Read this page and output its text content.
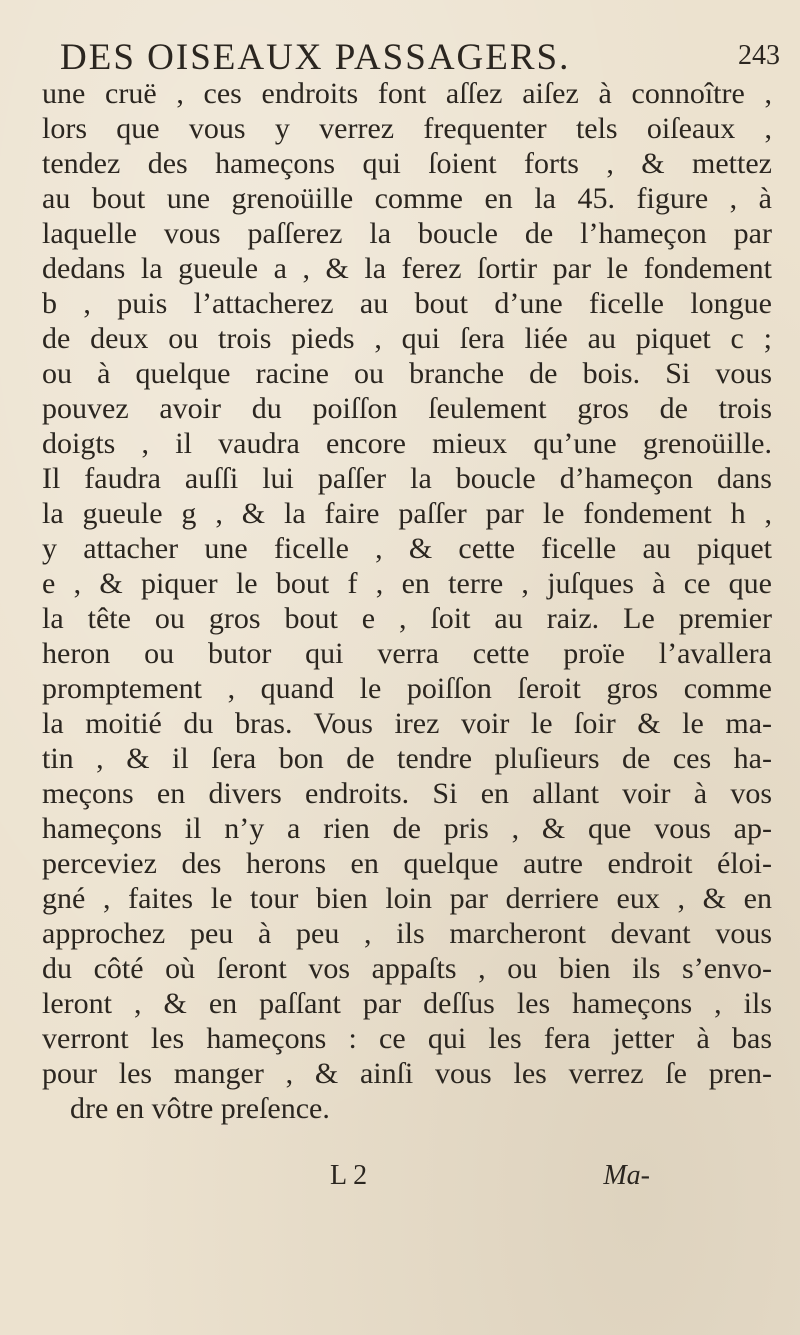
DES OISEAUX PASSAGERS.	243
une cruë , ces endroits font aſſez aiſez à connoître ,
lors que vous y verrez frequenter tels oiſeaux ,
tendez des hameçons qui ſoient forts , & mettez
au bout une grenoüille comme en la 45. figure , à
laquelle vous paſſerez la boucle de l’hameçon par
dedans la gueule a , & la ferez ſortir par le fondement
b , puis l’attacherez au bout d’une ficelle longue
de deux ou trois pieds , qui ſera liée au piquet c ;
ou à quelque racine ou branche de bois. Si vous
pouvez avoir du poiſſon ſeulement gros de trois
doigts , il vaudra encore mieux qu’une grenoüille.
Il faudra auſſi lui paſſer la boucle d’hameçon dans
la gueule g , & la faire paſſer par le fondement h ,
y attacher une ficelle , & cette ficelle au piquet
e , & piquer le bout f , en terre , juſques à ce que
la tête ou gros bout e , ſoit au raiz. Le premier
heron ou butor qui verra cette proïe l’avallera
promptement , quand le poiſſon ſeroit gros comme
la moitié du bras. Vous irez voir le ſoir & le ma-
tin , & il ſera bon de tendre pluſieurs de ces ha-
meçons en divers endroits. Si en allant voir à vos
hameçons il n’y a rien de pris , & que vous ap-
perceviez des herons en quelque autre endroit éloi-
gné , faites le tour bien loin par derriere eux , & en
approchez peu à peu , ils marcheront devant vous
du côté où ſeront vos appaſts , ou bien ils s’envo-
leront , & en paſſant par deſſus les hameçons , ils
verront les hameçons : ce qui les fera jetter à bas
pour les manger , & ainſi vous les verrez ſe pren-
dre en vôtre preſence.
L 2	Ma-
